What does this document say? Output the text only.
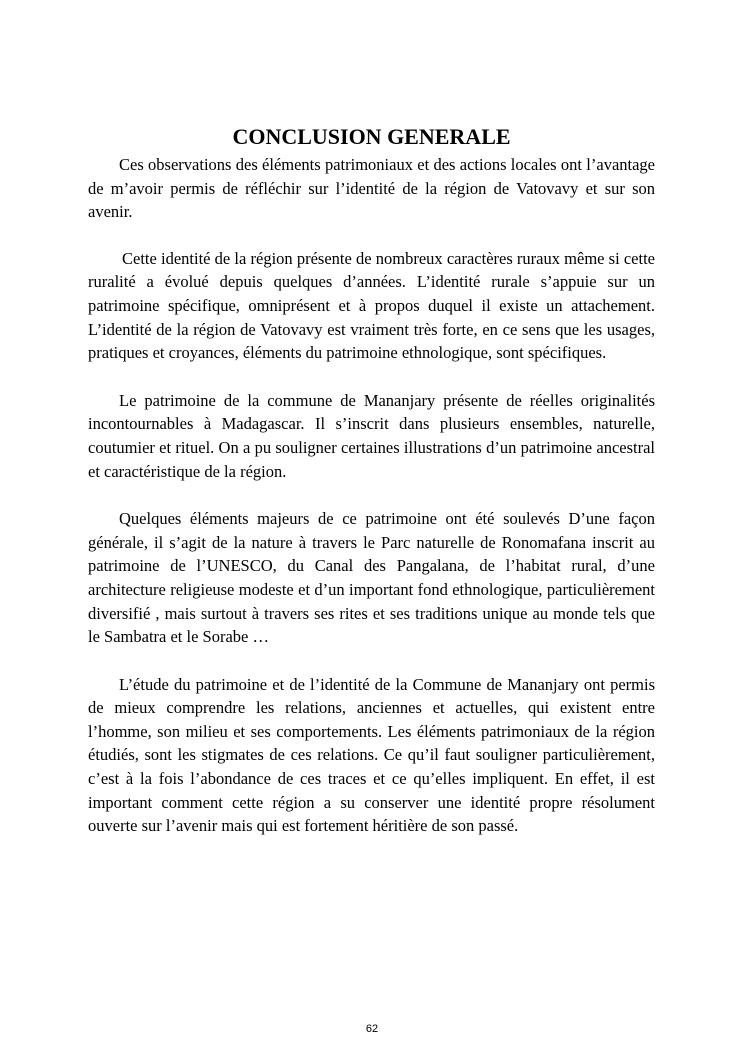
CONCLUSION GENERALE

Ces observations des éléments patrimoniaux et des actions locales ont l’avantage de m’avoir permis de réfléchir sur l’identité de la région de Vatovavy et sur son avenir.

Cette identité de la région présente de nombreux caractères ruraux même si cette ruralité a évolué depuis quelques d’années. L’identité rurale s’appuie sur un patrimoine spécifique, omniprésent et à propos duquel il existe un attachement. L’identité de la région de Vatovavy est vraiment très forte, en ce sens que les usages, pratiques et croyances, éléments du patrimoine ethnologique, sont spécifiques.

Le patrimoine de la commune de Mananjary présente de réelles originalités incontournables à Madagascar. Il s’inscrit dans plusieurs ensembles, naturelle, coutumier et rituel. On a pu souligner certaines illustrations d’un patrimoine ancestral et caractéristique de la région.

Quelques éléments majeurs de ce patrimoine ont été soulevés D’une façon générale, il s’agit de la nature à travers le Parc naturelle de Ronomafana inscrit au patrimoine de l’UNESCO, du Canal des Pangalana, de l’habitat rural, d’une architecture religieuse modeste et d’un important fond ethnologique, particulièrement diversifié , mais surtout à travers ses rites et ses traditions unique au monde tels que le Sambatra et le Sorabe …

L’étude du patrimoine et de l’identité de la Commune de Mananjary ont permis de mieux comprendre les relations, anciennes et actuelles, qui existent entre l’homme, son milieu et ses comportements. Les éléments patrimoniaux de la région étudiés, sont les stigmates de ces relations. Ce qu’il faut souligner particulièrement, c’est à la fois l’abondance de ces traces et ce qu’elles impliquent. En effet, il est important comment cette région a su conserver une identité propre résolument ouverte sur l’avenir mais qui est fortement héritière de son passé.

62
